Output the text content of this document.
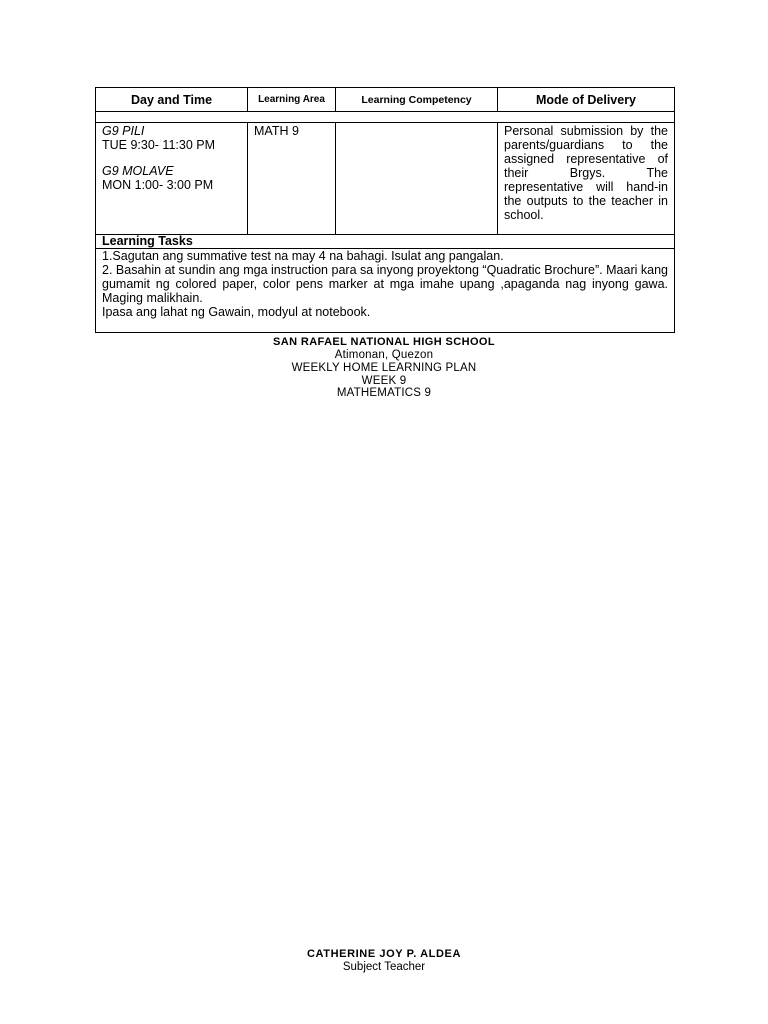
Day and Time	Learning Area	Learning Competency	Mode of Delivery

G9 PILI
TUE 9:30- 11:30 PM
G9 MOLAVE
MON 1:00- 3:00 PM	MATH 9		Personal submission by the parents/guardians to the assigned representative of their Brgys. The representative will hand-in the outputs to the teacher in school.
Learning Tasks			

1.Sagutan ang summative test na may 4 na bahagi. Isulat ang pangalan.
2. Basahin at sundin ang mga instruction para sa inyong proyektong “Quadratic Brochure”. Maari kang gumamit ng colored paper, color pens marker at mga imahe upang ,apaganda nag inyong gawa. Maging malikhain.
Ipasa ang lahat ng Gawain, modyul at notebook.			
SAN RAFAEL NATIONAL HIGH SCHOOL
Atimonan, Quezon
WEEKLY HOME LEARNING PLAN
WEEK 9
MATHEMATICS 9
CATHERINE JOY P. ALDEA
Subject Teacher
